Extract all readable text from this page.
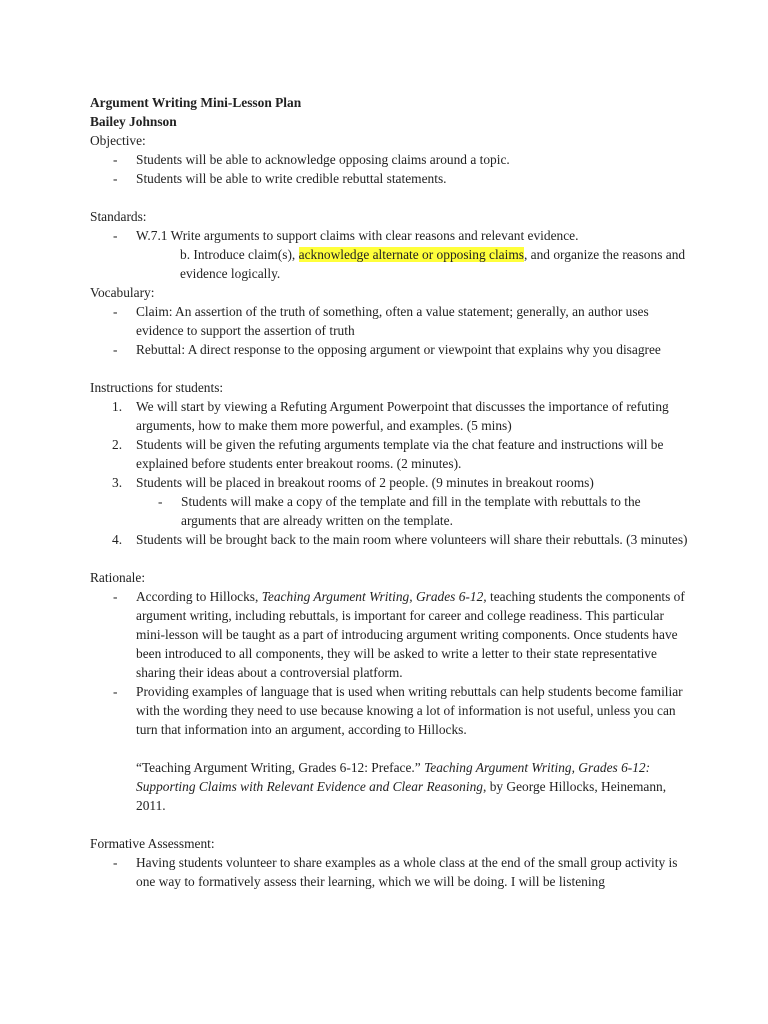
Argument Writing Mini-Lesson Plan
Bailey Johnson
Objective:
- Students will be able to acknowledge opposing claims around a topic.
- Students will be able to write credible rebuttal statements.
Standards:
- W.7.1 Write arguments to support claims with clear reasons and relevant evidence.
b. Introduce claim(s), acknowledge alternate or opposing claims, and organize the reasons and evidence logically.
Vocabulary:
- Claim: An assertion of the truth of something, often a value statement; generally, an author uses evidence to support the assertion of truth
- Rebuttal: A direct response to the opposing argument or viewpoint that explains why you disagree
Instructions for students:
1. We will start by viewing a Refuting Argument Powerpoint that discusses the importance of refuting arguments, how to make them more powerful, and examples. (5 mins)
2. Students will be given the refuting arguments template via the chat feature and instructions will be explained before students enter breakout rooms. (2 minutes).
3. Students will be placed in breakout rooms of 2 people. (9 minutes in breakout rooms)
- Students will make a copy of the template and fill in the template with rebuttals to the arguments that are already written on the template.
4. Students will be brought back to the main room where volunteers will share their rebuttals. (3 minutes)
Rationale:
- According to Hillocks, Teaching Argument Writing, Grades 6-12, teaching students the components of argument writing, including rebuttals, is important for career and college readiness. This particular mini-lesson will be taught as a part of introducing argument writing components. Once students have been introduced to all components, they will be asked to write a letter to their state representative sharing their ideas about a controversial platform.
- Providing examples of language that is used when writing rebuttals can help students become familiar with the wording they need to use because knowing a lot of information is not useful, unless you can turn that information into an argument, according to Hillocks.
“Teaching Argument Writing, Grades 6-12: Preface.” Teaching Argument Writing, Grades 6-12: Supporting Claims with Relevant Evidence and Clear Reasoning, by George Hillocks, Heinemann, 2011.
Formative Assessment:
- Having students volunteer to share examples as a whole class at the end of the small group activity is one way to formatively assess their learning, which we will be doing. I will be listening
